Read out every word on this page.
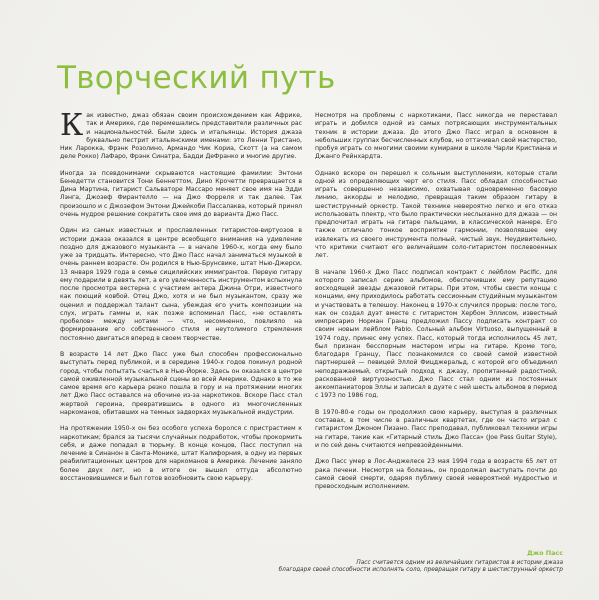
Творческий путь

Как известно, джаз обязан своим происхождением как Африке, так и Америке, где перемешались представители различных рас и национальностей. Были здесь и итальянцы. История джаза буквально пестрит итальянскими именами: это Ленни Тристано, Ник Ларокка, Фрэнк Розолино, Армандо Чик Кориа, Скотт (а на самом деле Рокко) ЛаФаро, Фрэнк Синатра, Бадди ДеФранко и многие другие.

Иногда за псевдонимами скрываются настоящие фамилии: Энтони Бенедетти становится Тони Беннеттом, Дино Крочетти превращается в Дина Мартина, гитарист Сальваторе Массаро меняет свое имя на Эдди Лэнга, Джозеф Фирантелло — на Джо Форреля и так далее. Так произошло и с Джозефом Энтони Джейкоби Пассалаква, который принял очень мудрое решение сократить свое имя до варианта Джо Пасс.

Один из самых известных и прославленных гитаристов-виртуозов в истории джаза оказался в центре всеобщего внимания на удивление поздно для джазового музыканта — в начале 1960-х, когда ему было уже за тридцать. Интересно, что Джо Пасс начал заниматься музыкой в очень раннем возрасте. Он родился в Нью-Брунсвике, штат Нью-Джерси, 13 января 1929 года в семье сицилийских иммигрантов. Первую гитару ему подарили в девять лет, а его увлеченность инструментом вспыхнула после просмотра вестерна с участием актера Джина Отри, известного как поющий ковбой. Отец Джо, хотя и не был музыкантом, сразу же оценил и поддержал талант сына, убеждая его учить композиции на слух, играть гаммы и, как позже вспоминал Пасс, «не оставлять пробелов» между нотами — что, несомненно, повлияло на формирование его собственного стиля и неутолимого стремления постоянно двигаться вперед в своем творчестве.

В возрасте 14 лет Джо Пасс уже был способен профессионально выступать перед публикой, и в середине 1940-х годов покинул родной город, чтобы попытать счастья в Нью-Йорке. Здесь он оказался в центре самой оживленной музыкальной сцены во всей Америке. Однако в то же самое время его карьера резко пошла в гору и на протяжении многих лет Джо Пасс оставался на обочине из-за наркотиков. Вскоре Пасс стал жертвой героина, превратившись в одного из многочисленных наркоманов, обитавших на темных задворках музыкальной индустрии.

На протяжении 1950-х он без особого успеха боролся с пристрастием к наркотикам; брался за тысячи случайных подработок, чтобы прокормить себя, и даже попадал в тюрьму. В конце концов, Пасс поступил на лечение в Синанон в Санта-Монике, штат Калифорния, в одну из первых реабилитационных центров для наркоманов в Америке. Лечение заняло более двух лет, но в итоге он вышел оттуда абсолютно восстановившимся и был готов возобновить свою карьеру.

Несмотря на проблемы с наркотиками, Пасс никогда не переставал играть и добился одной из самых потрясающих инструментальных техник в истории джаза. До этого Джо Пасс играл в основном в небольших группах бесчисленных клубов, но оттачивал свой мастерство, пробуя играть со многими своими кумирами в школе Чарли Кристиана и Джанго Рейнхардта.

Однако вскоре он перешел к сольным выступлениям, которые стали одной из определяющих черт его стиля. Пасс обладал способностью играть совершенно независимо, охватывая одновременно басовую линию, аккорды и мелодию, превращая таким образом гитару в шестиструнный оркестр. Такой технике невероятно легко и его отказ использовать плектр, что было практически неслыханно для джаза — он предпочитал играть на гитаре пальцами, в классической манере. Его также отличало тонкое восприятие гармонии, позволявшее ему извлекать из своего инструмента полный, чистый звук. Неудивительно, что критики считают его величайшим соло-гитаристом послевоенных лет.

В начале 1960-х Джо Пасс подписал контракт с лейблом Pacific, для которого записал серию альбомов, обеспечивших ему репутацию восходящей звезды джазовой гитары. При этом, чтобы свести концы с концами, ему приходилось работать сессионным студийным музыкантом и участвовать в телешоу. Наконец в 1970-х случился прорыв: после того, как он создал дуэт вместе с гитаристом Хербом Эллисом, известный импресарио Норман Гранц предложил Пассу подписать контракт со своим новым лейблом Pablo. Сольный альбом Virtuoso, выпущенный в 1974 году, принес ему успех. Пасс, который тогда исполнилось 45 лет, был признан бесспорным мастером игры на гитаре. Кроме того, благодаря Гранцу, Пасс познакомился со своей самой известной партнершей — певицей Эллой Фицджеральд, с которой его объединил неподражаемый, открытый подход к джазу, пропитанный радостной, раскованной виртуозностью. Джо Пасс стал одним из постоянных аккомпаниаторов Эллы и записал в дуэте с ней шесть альбомов в период с 1973 по 1986 год.

В 1970-80-е годы он продолжил свою карьеру, выступая в различных составах, в том числе в различных квартетах, где он часто играл с гитаристом Джоном Пизано. Пасс преподавал, публиковал техники игры на гитаре, такие как «Гитарный стиль Джо Пасса» (Joe Pass Guitar Style), и по сей день считаются непревзойденными.

Джо Пасс умер в Лос-Анджелесе 23 мая 1994 года в возрасте 65 лет от рака печени. Несмотря на болезнь, он продолжал выступать почти до самой своей смерти, одаряя публику своей невероятной мудростью и превосходным исполнением.

Джо Пасс
Пасс считается одним из величайших гитаристов в истории джаза
благодаря своей способности исполнять соло, превращая гитару в шестиструнный оркестр
